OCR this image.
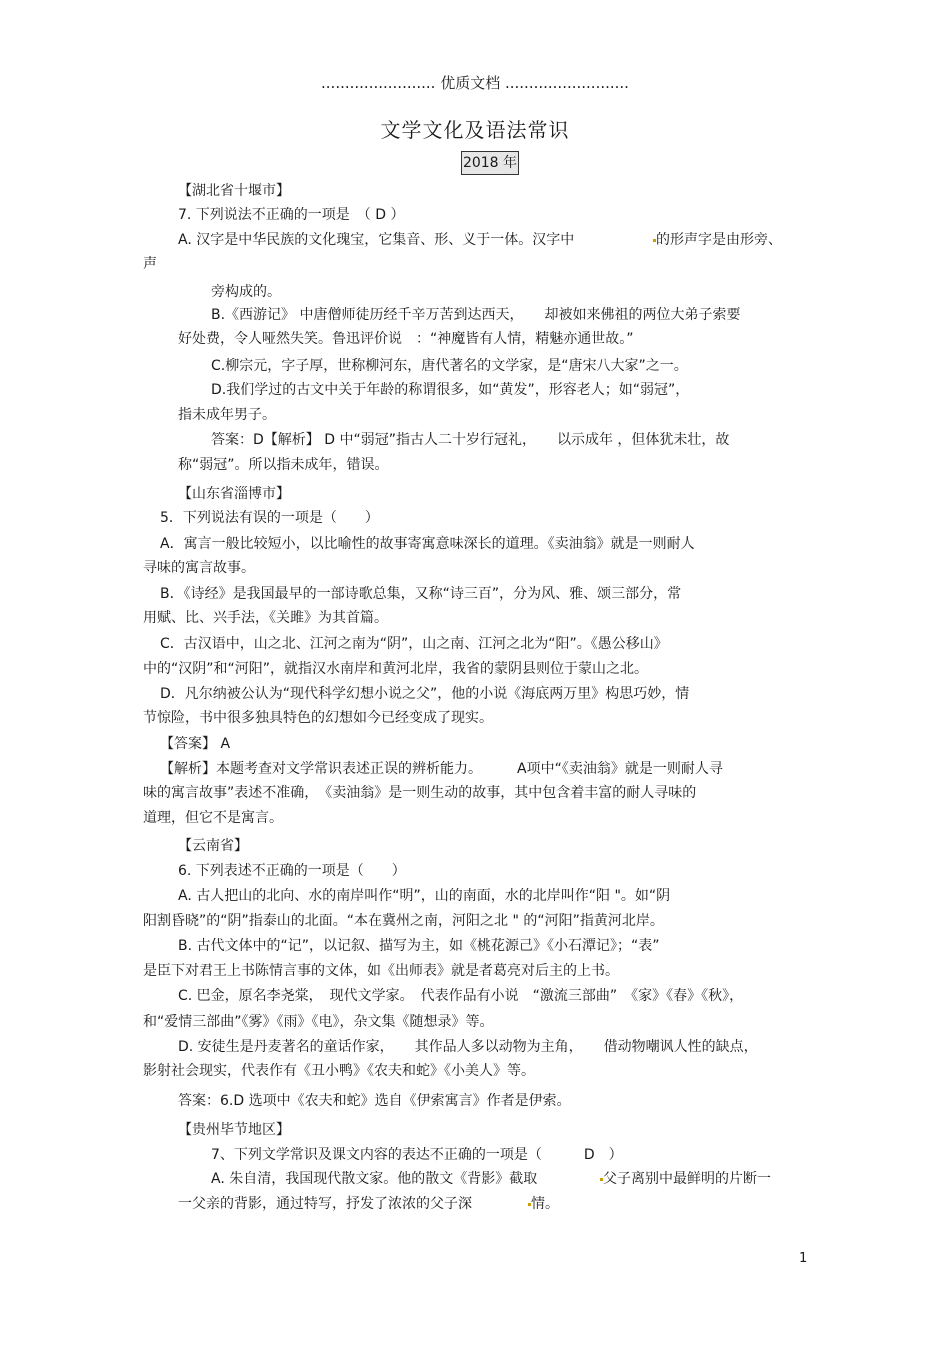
........................ 优质文档 ..........................
文学文化及语法常识
2018 年
【湖北省十堰市】
7. 下列说法不正确的一项是　（ D ）
A. 汉字是中华民族的文化瑰宝，它集音、形、义于一体。汉字中	的形声字是由形旁、
声
旁构成的。
B.《西游记》 中唐僧师徒历经千辛万苦到达西天，　　却被如来佛祖的两位大弟子索要
好处费，令人哑然失笑。鲁迅评价说　：“神魔皆有人情，精魅亦通世故。”
C.柳宗元，字子厚，世称柳河东，唐代著名的文学家，是“唐宋八大家”之一。
D.我们学过的古文中关于年龄的称谓很多，如“黄发”，形容老人；如“弱冠”，
指未成年男子。
答案：D【解析】 D 中“弱冠”指古人二十岁行冠礼，　　以示成年 ，但体犹未壮，故
称“弱冠”。所以指未成年，错误。
【山东省淄博市】
5．下列说法有误的一项是（　　）
A．寓言一般比较短小，以比喻性的故事寄寓意味深长的道理。《卖油翁》就是一则耐人
寻味的寓言故事。
B．《诗经》是我国最早的一部诗歌总集，又称“诗三百”，分为风、雅、颂三部分，常
用赋、比、兴手法，《关雎》为其首篇。
C．古汉语中，山之北、江河之南为“阴”，山之南、江河之北为“阳”。《愚公移山》
中的“汉阴”和“河阳”，就指汉水南岸和黄河北岸，我省的蒙阴县则位于蒙山之北。
D．凡尔纳被公认为“现代科学幻想小说之父”，他的小说《海底两万里》构思巧妙，情
节惊险，书中很多独具特色的幻想如今已经变成了现实。
【答案】 A
【解析】本题考查对文学常识表述正误的辨析能力。　　　A项中“《卖油翁》就是一则耐人寻
味的寓言故事”表述不准确，　《卖油翁》是一则生动的故事，其中包含着丰富的耐人寻味的
道理，但它不是寓言。
【云南省】
6. 下列表述不正确的一项是（　　）
A. 古人把山的北向、水的南岸叫作“明”，山的南面，水的北岸叫作“阳 "。如“阴
阳割昏晓”的“阴”指泰山的北面。“本在冀州之南，河阳之北 " 的“河阳”指黄河北岸。
B. 古代文体中的“记”，以记叙、描写为主，如《桃花源己》《小石潭记》；“表”
是臣下对君王上书陈情言事的文体，如《出师表》就是者葛亮对后主的上书。
C. 巴金，原名李尧棠，　现代文学家。　代表作品有小说　“激流三部曲”　《家》《春》《秋》，
和“爱情三部曲”《雾》《雨》《电》，杂文集《随想录》等。
D. 安徒生是丹麦著名的童话作家，　　其作品人多以动物为主角，　　借动物嘲讽人性的缺点，
影射社会现实，代表作有《丑小鸭》《农夫和蛇》《小美人》等。
答案：6.D 选项中《农夫和蛇》选自《伊索寓言》作者是伊索。
【贵州毕节地区】
7、下列文学常识及课文内容的表达不正确的一项是（　　　D　）
A. 朱自清，我国现代散文家。他的散文《背影》截取	父子离别中最鲜明的片断一
一父亲的背影，通过特写，抒发了浓浓的父子深	情。
1
